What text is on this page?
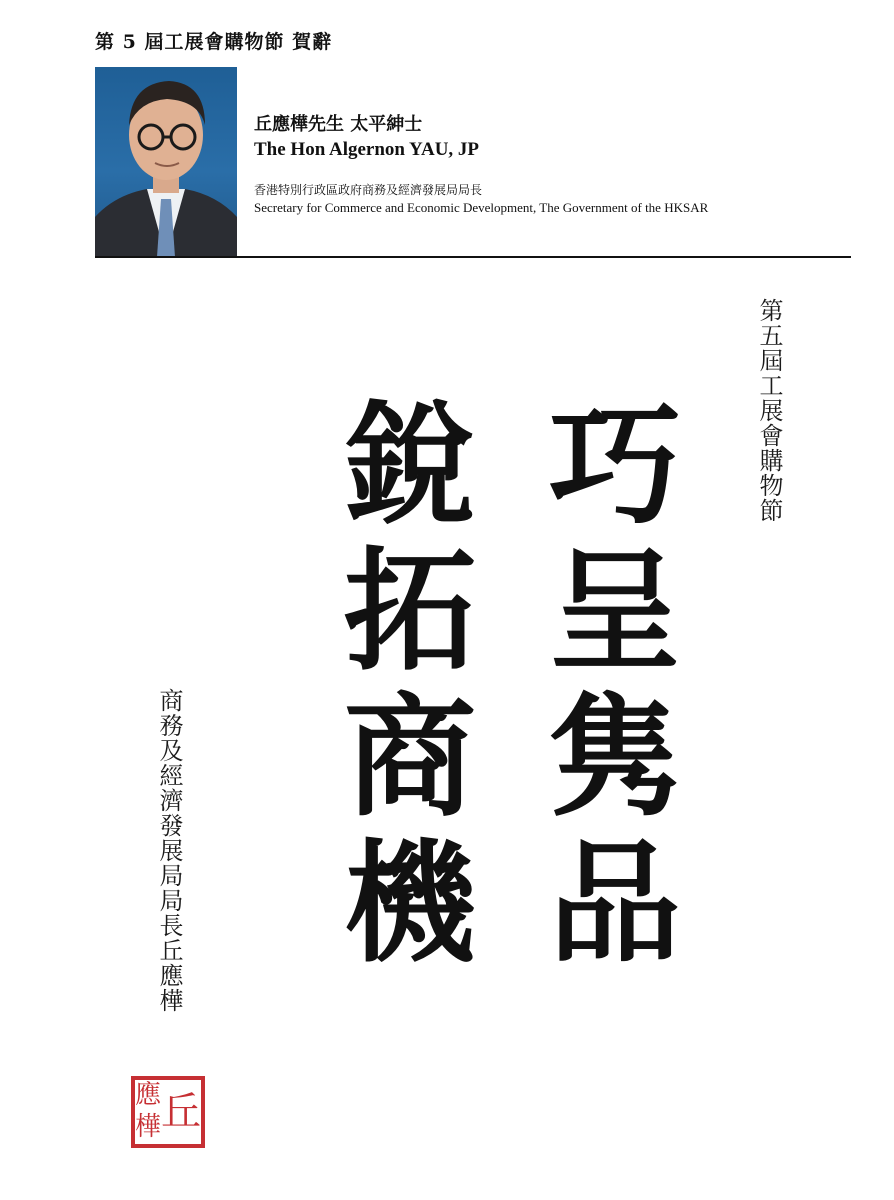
第 5 屆工展會購物節 賀辭
丘應樺先生 太平紳士
The Hon Algernon YAU, JP
香港特別行政區政府商務及經濟發展局局長
Secretary for Commerce and Economic Development, The Government of the HKSAR
第五屆工展會購物節
巧呈隽品
銳拓商機
商務及經濟發展局局長丘應樺
丘
應
樺
